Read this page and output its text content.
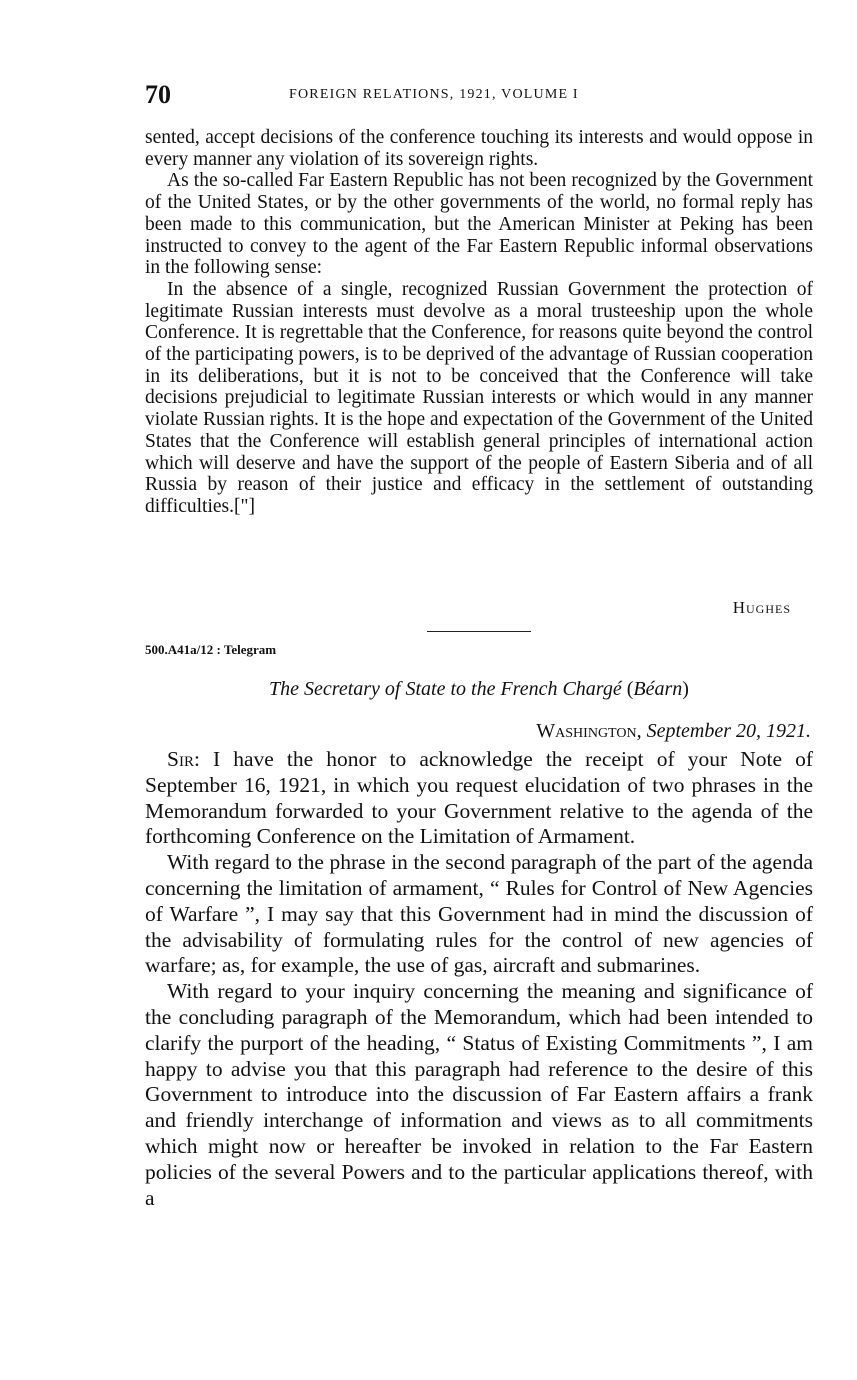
70	FOREIGN RELATIONS, 1921, VOLUME I

sented, accept decisions of the conference touching its interests and would oppose in every manner any violation of its sovereign rights.

As the so-called Far Eastern Republic has not been recognized by the Government of the United States, or by the other governments of the world, no formal reply has been made to this communication, but the American Minister at Peking has been instructed to convey to the agent of the Far Eastern Republic informal observations in the following sense:

In the absence of a single, recognized Russian Government the protection of legitimate Russian interests must devolve as a moral trusteeship upon the whole Conference. It is regrettable that the Conference, for reasons quite beyond the control of the participating powers, is to be deprived of the advantage of Russian cooperation in its deliberations, but it is not to be conceived that the Conference will take decisions prejudicial to legitimate Russian interests or which would in any manner violate Russian rights. It is the hope and expectation of the Government of the United States that the Conference will establish general principles of international action which will deserve and have the support of the people of Eastern Siberia and of all Russia by reason of their justice and efficacy in the settlement of outstanding difficulties.["]

Hughes
500.A41a/12 : Telegram
The Secretary of State to the French Chargé (Béarn)
Washington, September 20, 1921.

Sir: I have the honor to acknowledge the receipt of your Note of September 16, 1921, in which you request elucidation of two phrases in the Memorandum forwarded to your Government relative to the agenda of the forthcoming Conference on the Limitation of Armament.

With regard to the phrase in the second paragraph of the part of the agenda concerning the limitation of armament, “ Rules for Control of New Agencies of Warfare ”, I may say that this Government had in mind the discussion of the advisability of formulating rules for the control of new agencies of warfare; as, for example, the use of gas, aircraft and submarines.

With regard to your inquiry concerning the meaning and significance of the concluding paragraph of the Memorandum, which had been intended to clarify the purport of the heading, “ Status of Existing Commitments ”, I am happy to advise you that this paragraph had reference to the desire of this Government to introduce into the discussion of Far Eastern affairs a frank and friendly interchange of information and views as to all commitments which might now or hereafter be invoked in relation to the Far Eastern policies of the several Powers and to the particular applications thereof, with a
